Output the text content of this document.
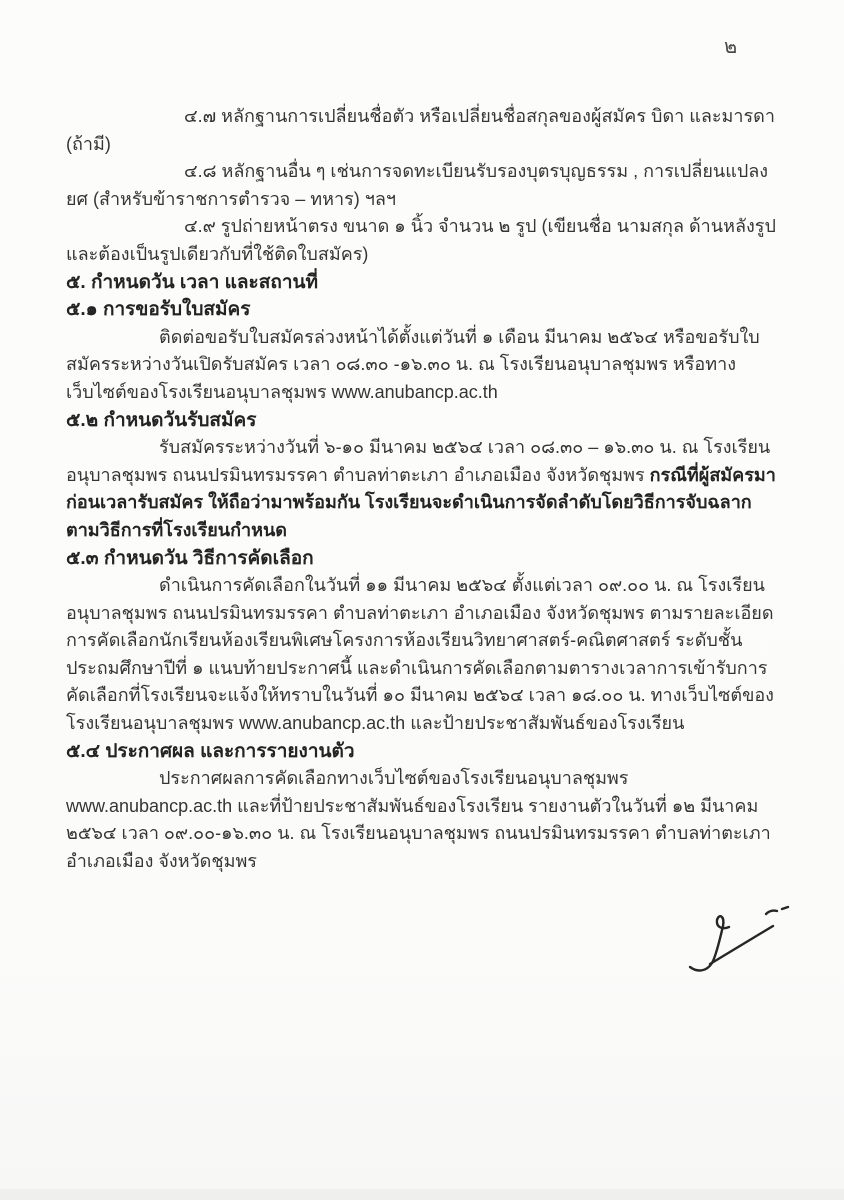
๒

๔.๗ หลักฐานการเปลี่ยนชื่อตัว หรือเปลี่ยนชื่อสกุลของผู้สมัคร บิดา และมารดา (ถ้ามี)

๔.๘ หลักฐานอื่น ๆ เช่นการจดทะเบียนรับรองบุตรบุญธรรม , การเปลี่ยนแปลงยศ (สำหรับข้าราชการตำรวจ – ทหาร) ฯลฯ

๔.๙ รูปถ่ายหน้าตรง ขนาด ๑ นิ้ว จำนวน ๒ รูป (เขียนชื่อ นามสกุล ด้านหลังรูป และต้องเป็นรูปเดียวกับที่ใช้ติดใบสมัคร)

๕. กำหนดวัน เวลา และสถานที่

๕.๑ การขอรับใบสมัคร

ติดต่อขอรับใบสมัครล่วงหน้าได้ตั้งแต่วันที่ ๑ เดือน มีนาคม ๒๕๖๔ หรือขอรับใบสมัครระหว่างวันเปิดรับสมัคร เวลา ๐๘.๓๐ -๑๖.๓๐ น. ณ โรงเรียนอนุบาลชุมพร หรือทางเว็บไซต์ของโรงเรียนอนุบาลชุมพร www.anubancp.ac.th

๕.๒ กำหนดวันรับสมัคร

รับสมัครระหว่างวันที่ ๖-๑๐ มีนาคม ๒๕๖๔ เวลา ๐๘.๓๐ – ๑๖.๓๐ น. ณ โรงเรียนอนุบาลชุมพร ถนนปรมินทรมรรคา ตำบลท่าตะเภา อำเภอเมือง จังหวัดชุมพร กรณีที่ผู้สมัครมาก่อนเวลารับสมัคร ให้ถือว่ามาพร้อมกัน โรงเรียนจะดำเนินการจัดลำดับโดยวิธีการจับฉลากตามวิธีการที่โรงเรียนกำหนด

๕.๓ กำหนดวัน วิธีการคัดเลือก

ดำเนินการคัดเลือกในวันที่ ๑๑ มีนาคม ๒๕๖๔ ตั้งแต่เวลา ๐๙.๐๐ น. ณ โรงเรียนอนุบาลชุมพร ถนนปรมินทรมรรคา ตำบลท่าตะเภา อำเภอเมือง จังหวัดชุมพร ตามรายละเอียดการคัดเลือกนักเรียนห้องเรียนพิเศษโครงการห้องเรียนวิทยาศาสตร์-คณิตศาสตร์ ระดับชั้นประถมศึกษาปีที่ ๑ แนบท้ายประกาศนี้ และดำเนินการคัดเลือกตามตารางเวลาการเข้ารับการคัดเลือกที่โรงเรียนจะแจ้งให้ทราบในวันที่ ๑๐ มีนาคม ๒๕๖๔ เวลา ๑๘.๐๐ น. ทางเว็บไซต์ของโรงเรียนอนุบาลชุมพร www.anubancp.ac.th และป้ายประชาสัมพันธ์ของโรงเรียน

๕.๔ ประกาศผล และการรายงานตัว

ประกาศผลการคัดเลือกทางเว็บไซต์ของโรงเรียนอนุบาลชุมพร www.anubancp.ac.th และที่ป้ายประชาสัมพันธ์ของโรงเรียน รายงานตัวในวันที่ ๑๒ มีนาคม ๒๕๖๔ เวลา ๐๙.๐๐-๑๖.๓๐ น. ณ โรงเรียนอนุบาลชุมพร ถนนปรมินทรมรรคา ตำบลท่าตะเภา อำเภอเมือง จังหวัดชุมพร
